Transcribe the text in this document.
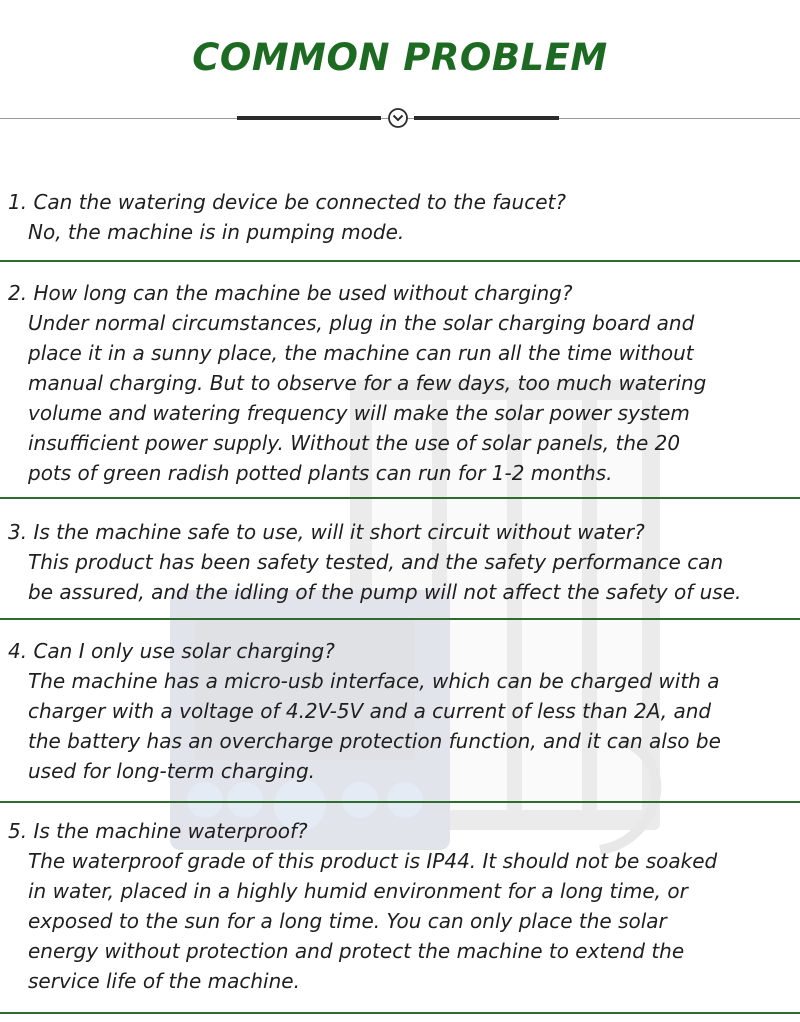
COMMON PROBLEM
1. Can the watering device be connected to the faucet?
No, the machine is in pumping mode.
2. How long can the machine be used without charging?
Under normal circumstances, plug in the solar charging board and
place it in a sunny place, the machine can run all the time without
manual charging. But to observe for a few days, too much watering
volume and watering frequency will make the solar power system
insufficient power supply. Without the use of solar panels, the 20
pots of green radish potted plants can run for 1-2 months.
3. Is the machine safe to use, will it short circuit without water?
This product has been safety tested, and the safety performance can
be assured, and the idling of the pump will not affect the safety of use.
4. Can I only use solar charging?
The machine has a micro-usb interface, which can be charged with a
charger with a voltage of 4.2V-5V and a current of less than 2A, and
the battery has an overcharge protection function, and it can also be
used for long-term charging.
5. Is the machine waterproof?
The waterproof grade of this product is IP44. It should not be soaked
in water, placed in a highly humid environment for a long time, or
exposed to the sun for a long time. You can only place the solar
energy without protection and protect the machine to extend the
service life of the machine.
